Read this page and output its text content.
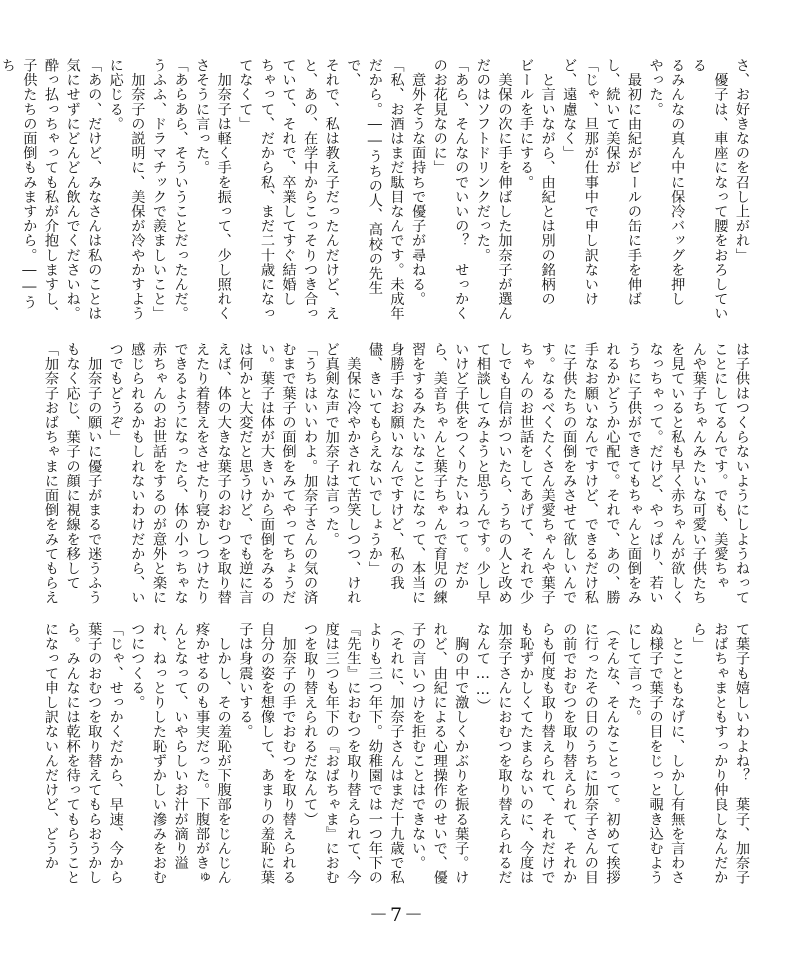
さ、お好きなのを召し上がれ」

　優子は、車座になって腰をおろしている

るみんなの真ん中に保冷バッグを押し

やった。

　最初に由紀がビールの缶に手を伸ば

し、続いて美保が

「じゃ、旦那が仕事中で申し訳ないけ

ど、遠慮なく」

　と言いながら、由紀とは別の銘柄の

ビールを手にする。

　美保の次に手を伸ばした加奈子が選ん

だのはソフトドリンクだった。

「あら、そんなのでいいの？　せっかく

のお花見なのに」

　意外そうな面持ちで優子が尋ねる。

「私、お酒はまだ駄目なんです。未成年

だから。――うちの人、高校の先生で、

それで、私は教え子だったんだけど、え

と、あの、在学中からこっそりつき合っ

ていて、それで、卒業してすぐ結婚し

ちゃって、だから私、まだ二十歳になっ

てなくて」

　加奈子は軽く手を振って、少し照れく

さそうに言った。

「あらあら、そういうことだったんだ。

うふふ、ドラマチックで羨ましいこと」

　加奈子の説明に、美保が冷やかすよう

に応じる。

「あの、だけど、みなさんは私のことは

気にせずにどんどん飲んでくださいね。

酔っ払っちゃっても私が介抱しますし、

子供たちの面倒もみますから。――うち

は子供はつくらないようにしようねって

ことにしてるんです。でも、美愛ちゃ

んや葉子ちゃんみたいな可愛い子供たち

を見ていると私も早く赤ちゃんが欲しく

なっちゃって。だけど、やっぱり、若い

うちに子供ができてもちゃんと面倒をみ

れるかどうか心配で。それで、あの、勝

手なお願いなんですけど、できるだけ私

に子供たちの面倒をみさせて欲しいんで

す。なるべくたくさん美愛ちゃんや葉子

ちゃんのお世話をしてあげて、それで少

しでも自信がついたら、うちの人と改め

て相談してみようと思うんです。少し早

いけど子供をつくりたいねって。だか

ら、美音ちゃんと葉子ちゃんで育児の練

習をするみたいなことになって、本当に

身勝手なお願いなんですけど、私の我

儘、きいてもらえないでしょうか」

　美保に冷やかされて苦笑しつつ、けれ

ど真剣な声で加奈子は言った。

「うちはいいわよ。加奈子さんの気の済

むまで葉子の面倒をみてやってちょうだ

い。葉子は体が大きいから面倒をみるの

は何かと大変だと思うけど、でも逆に言

えば、体の大きな葉子のおむつを取り替

えたり着替えをさせたり寝かしつけたり

できるようになったら、体の小っちゃな

赤ちゃんのお世話をするのが意外と楽に

感じられるかもしれないわけだから、い

つでもどうぞ」

　加奈子の願いに優子がまるで迷うふう

もなく応じ、葉子の顔に視線を移して

「加奈子おばちゃまに面倒をみてもらえ

て葉子も嬉しいわよね？　葉子、加奈子

おばちゃまともすっかり仲良しなんだか

ら」

　とこともなげに、しかし有無を言わさ

ぬ様子で葉子の目をじっと覗き込むよう

にして言った。

（そんな、そんなことって。初めて挨拶

に行ったその日のうちに加奈子さんの目

の前でおむつを取り替えられて、それか

らも何度も取り替えられて、それだけで

も恥ずかしくてたまらないのに、今度は

加奈子さんにおむつを取り替えられるだ

なんて……）

　胸の中で激しくかぶりを振る葉子。け

れど、由紀による心理操作のせいで、優

子の言いつけを拒むことはできない。

（それに、加奈子さんはまだ十九歳で私

よりも三つ年下。幼稚園では一つ年下の

『先生』におむつを取り替えられて、今

度は三つも年下の『おばちゃま』におむ

つを取り替えられるだなんて）

　加奈子の手でおむつを取り替えられる

自分の姿を想像して、あまりの羞恥に葉

子は身震いする。

　しかし、その羞恥が下腹部をじんじん

疼かせるのも事実だった。下腹部がきゅ

んとなって、いやらしいお汁が滴り溢

れ、ねっとりした恥ずかしい滲みをおむ

つにつくる。

「じゃ、せっかくだから、早速、今から

葉子のおむつを取り替えてもらおうかし

ら。みんなには乾杯を待ってもらうこと

になって申し訳ないんだけど、どうか

－7－
